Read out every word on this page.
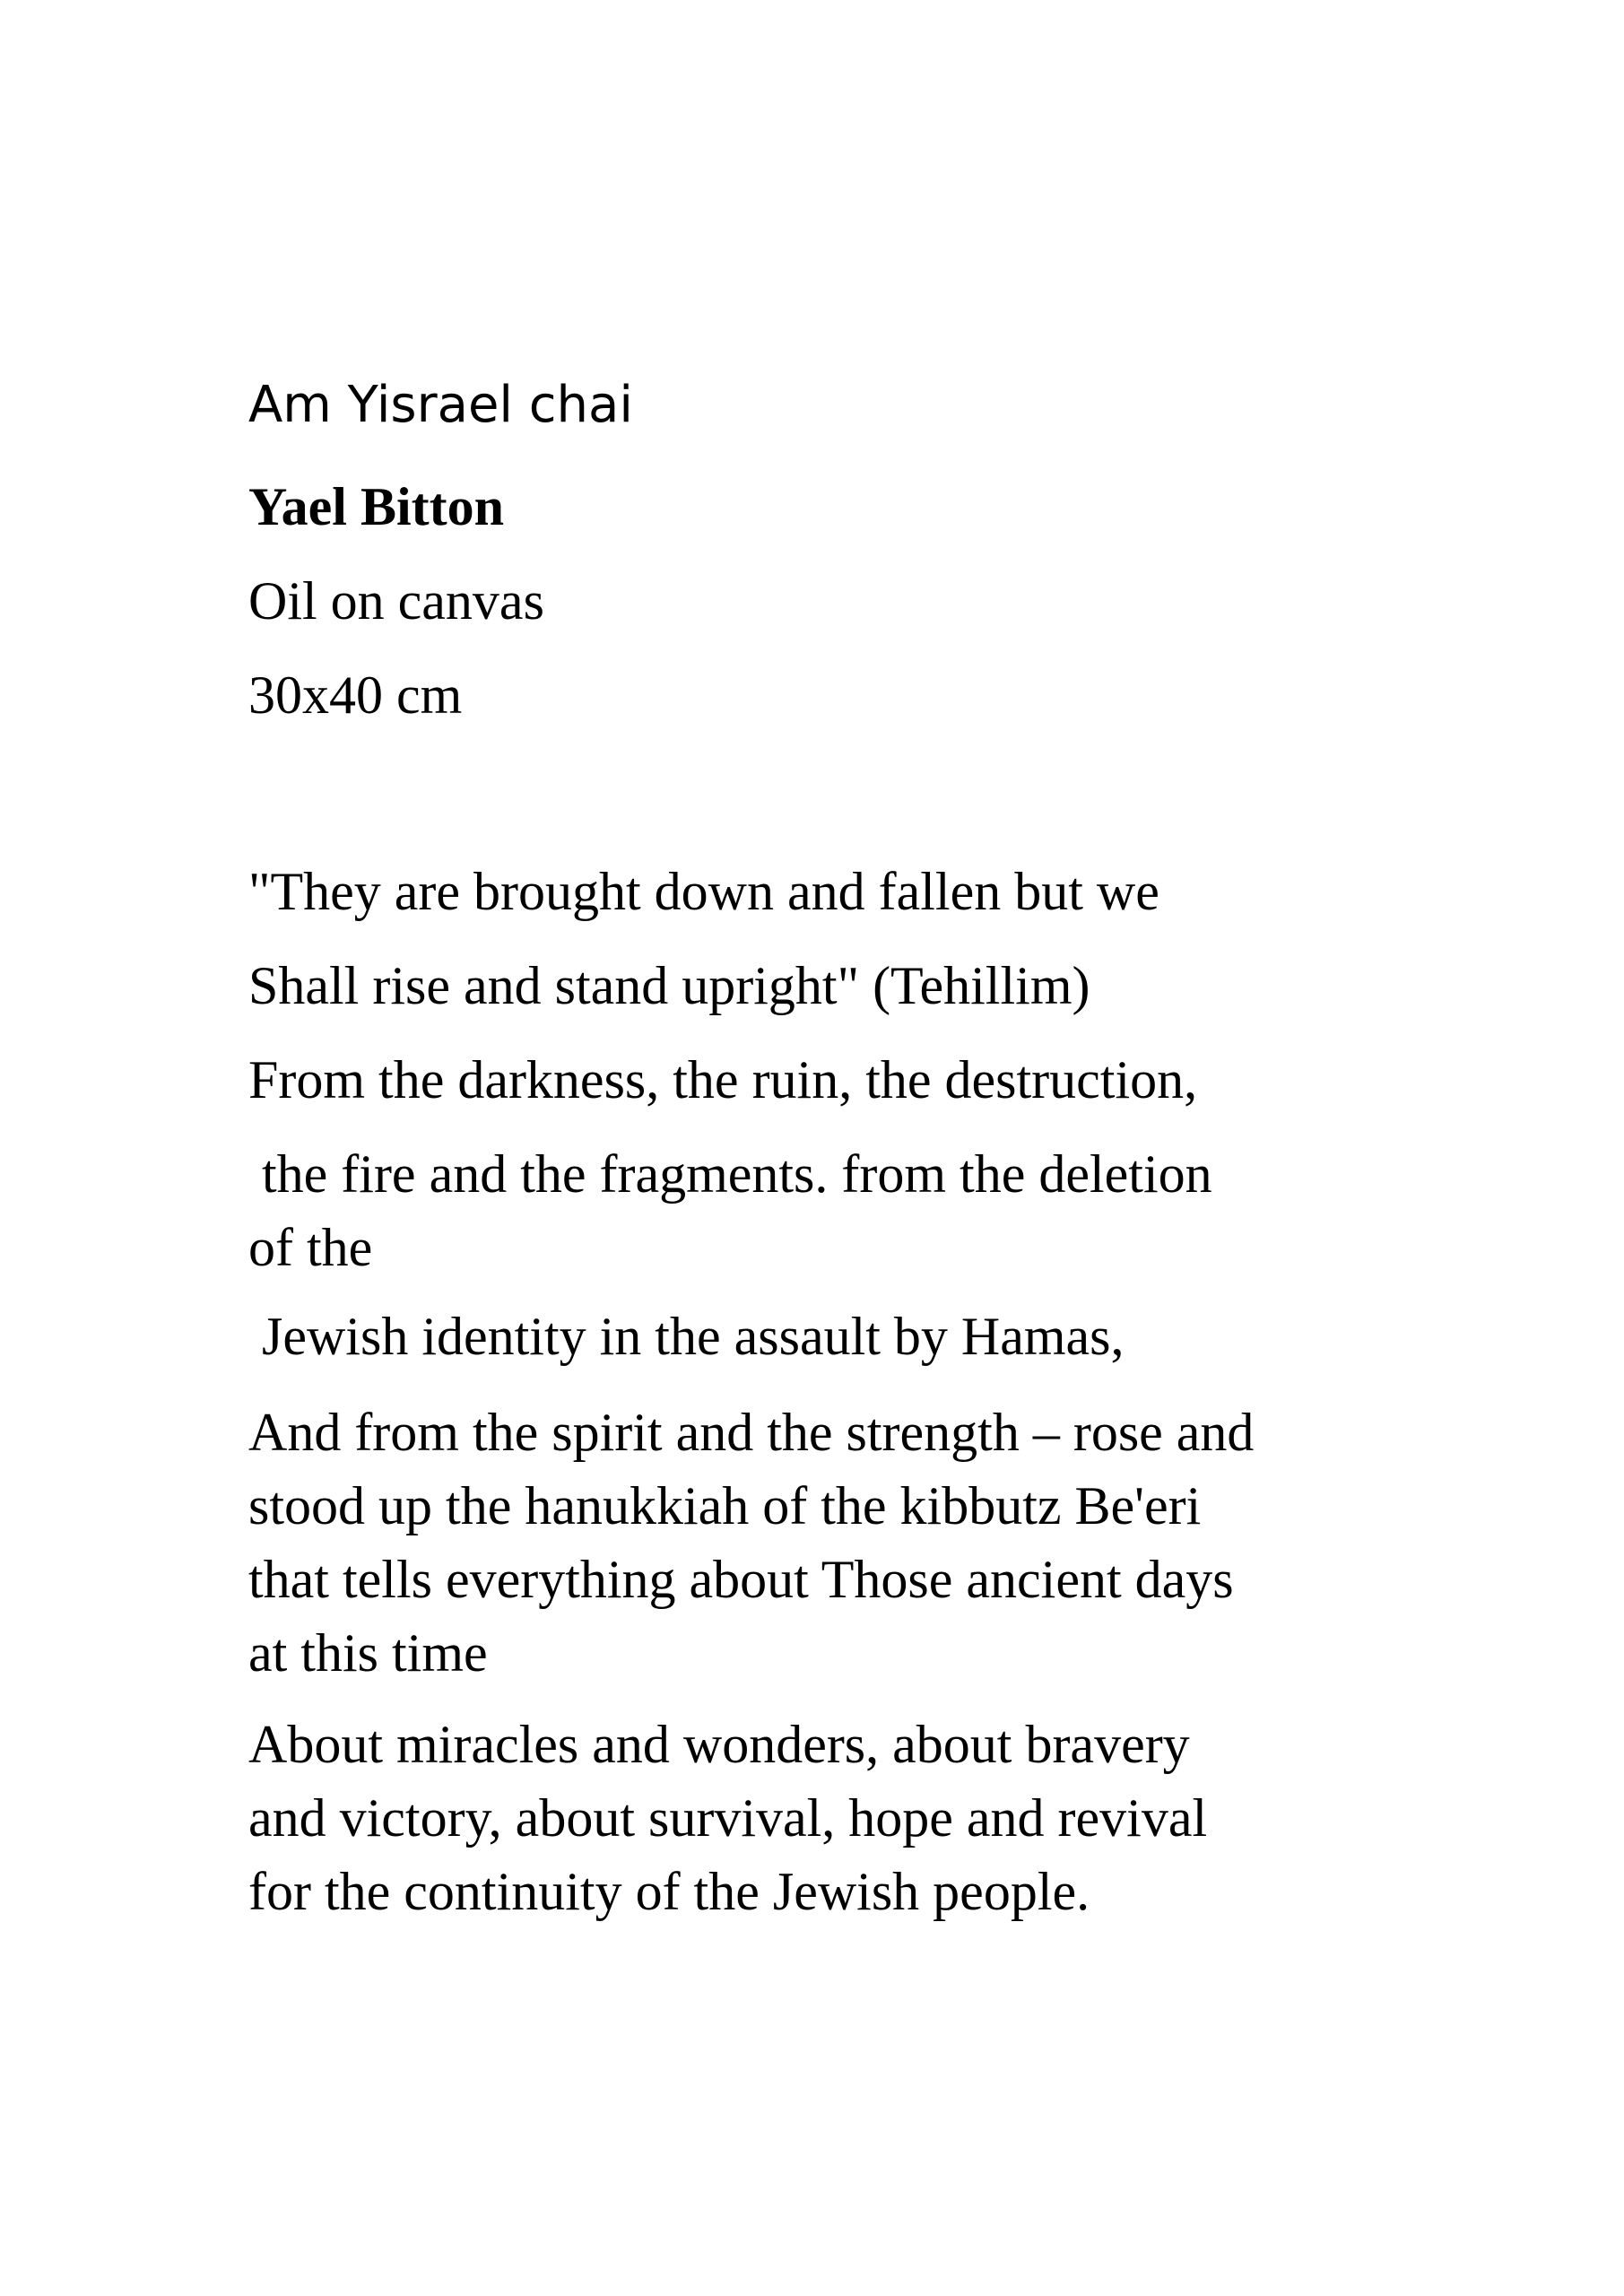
Am Yisrael chai

Yael Bitton

Oil on canvas

30x40 cm

"They are brought down and fallen but we

Shall rise and stand upright" (Tehillim)

From the darkness, the ruin, the destruction,

the fire and the fragments. from the deletion
of the

Jewish identity in the assault by Hamas,

And from the spirit and the strength – rose and
stood up the hanukkiah of the kibbutz Be'eri
that tells everything about Those ancient days
at this time

About miracles and wonders, about bravery
and victory, about survival, hope and revival
for the continuity of the Jewish people.
